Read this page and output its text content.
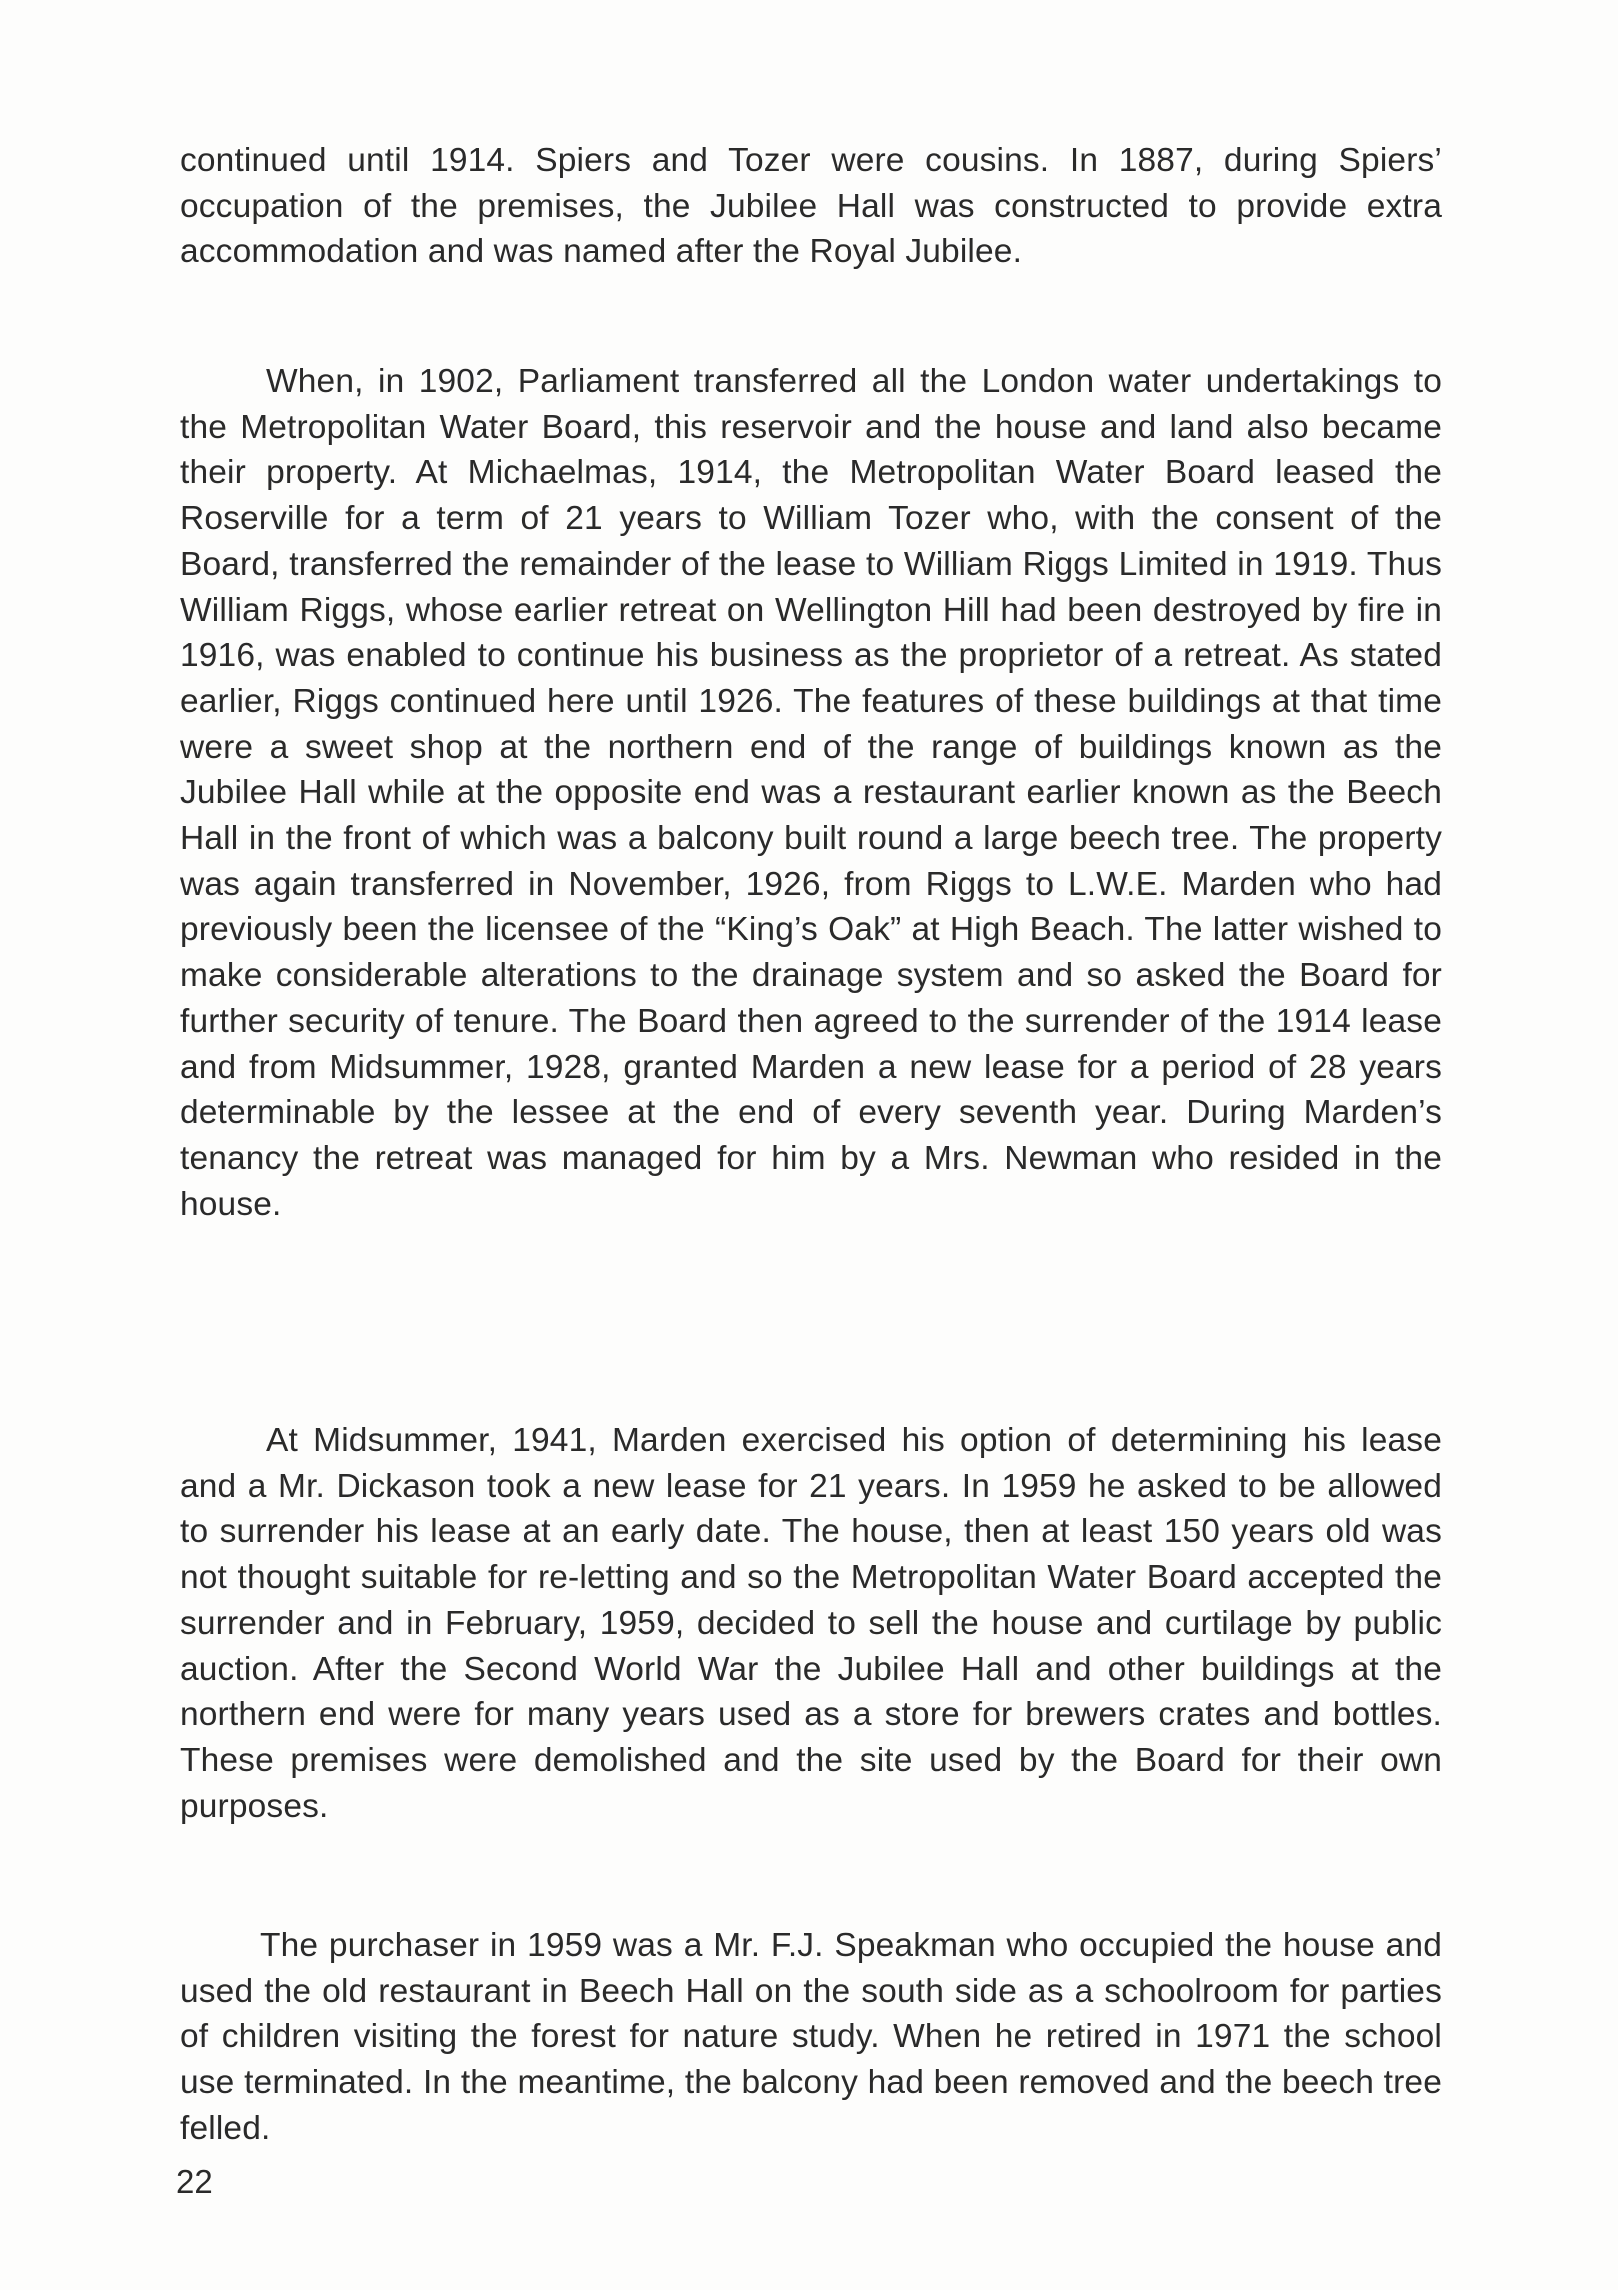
continued until 1914. Spiers and Tozer were cousins. In 1887, during Spiers’ occupation of the premises, the Jubilee Hall was constructed to provide extra accommodation and was named after the Royal Jubilee.

When, in 1902, Parliament transferred all the London water undertakings to the Metropolitan Water Board, this reservoir and the house and land also became their property. At Michaelmas, 1914, the Metropolitan Water Board leased the Roserville for a term of 21 years to William Tozer who, with the consent of the Board, transferred the remainder of the lease to William Riggs Limited in 1919. Thus William Riggs, whose earlier retreat on Wellington Hill had been destroyed by fire in 1916, was enabled to continue his business as the proprietor of a retreat. As stated earlier, Riggs continued here until 1926. The features of these buildings at that time were a sweet shop at the northern end of the range of buildings known as the Jubilee Hall while at the opposite end was a restaurant earlier known as the Beech Hall in the front of which was a balcony built round a large beech tree. The property was again transferred in November, 1926, from Riggs to L.W.E. Marden who had previously been the licensee of the “King’s Oak” at High Beach. The latter wished to make considerable alterations to the drainage system and so asked the Board for further security of tenure. The Board then agreed to the surrender of the 1914 lease and from Midsummer, 1928, granted Marden a new lease for a period of 28 years determinable by the lessee at the end of every seventh year. During Marden’s tenancy the retreat was managed for him by a Mrs. Newman who resided in the house.

At Midsummer, 1941, Marden exercised his option of determining his lease and a Mr. Dickason took a new lease for 21 years. In 1959 he asked to be allowed to surrender his lease at an early date. The house, then at least 150 years old was not thought suitable for re-letting and so the Metropolitan Water Board accepted the surrender and in February, 1959, decided to sell the house and curtilage by public auction. After the Second World War the Jubilee Hall and other buildings at the northern end were for many years used as a store for brewers crates and bottles. These premises were demolished and the site used by the Board for their own purposes.

The purchaser in 1959 was a Mr. F.J. Speakman who occupied the house and used the old restaurant in Beech Hall on the south side as a schoolroom for parties of children visiting the forest for nature study. When he retired in 1971 the school use terminated. In the meantime, the balcony had been removed and the beech tree felled.

22
